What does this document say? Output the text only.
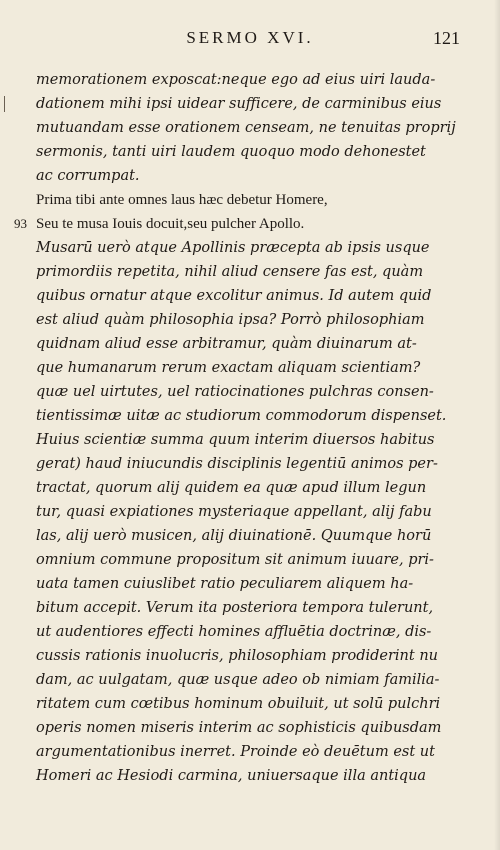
SERMO XVI.	121
memorationem exposcat:neque ego ad eius uiri lauda-
dationem mihi ipsi uidear sufficere, de carminibus eius
mutuandam esse orationem censeam, ne tenuitas proprij
sermonis, tanti uiri laudem quoquo modo dehonestet
ac corrumpat.
Prima tibi ante omnes laus hæc debetur Homere,
93 Seu te musa Iouis docuit,seu pulcher Apollo.
Musarū uerò atque Apollinis præcepta ab ipsis usque
primordiis repetita, nihil aliud censere fas est, quàm
quibus ornatur atque excolitur animus. Id autem quid
est aliud quàm philosophia ipsa? Porrò philosophiam
quidnam aliud esse arbitramur, quàm diuinarum at-
que humanarum rerum exactam aliquam scientiam?
quæ uel uirtutes, uel ratiocinationes pulchras consen-
tientissimæ uitæ ac studiorum commodorum dispenset.
Huius scientiæ summa quum interim diuersos habitus
gerat) haud iniucundis disciplinis legentiū animos per-
tractat, quorum alij quidem ea quæ apud illum legun
tur, quasi expiationes mysteriaque appellant, alij fabu
las, alij uerò musicen, alij diuinationē. Quumque horū
omnium commune propositum sit animum iuuare, pri-
uata tamen cuiuslibet ratio peculiarem aliquem ha-
bitum accepit. Verum ita posteriora tempora tulerunt,
ut audentiores effecti homines affluētia doctrinæ, dis-
cussis rationis inuolucris, philosophiam prodiderint nu
dam, ac uulgatam, quæ usque adeo ob nimiam familia-
ritatem cum cœtibus hominum obuiluit, ut solū pulchri
operis nomen miseris interim ac sophisticis quibusdam
argumentationibus inerret. Proinde eò deuētum est ut
Homeri ac Hesiodi carmina, uniuersaque illa antiqua
